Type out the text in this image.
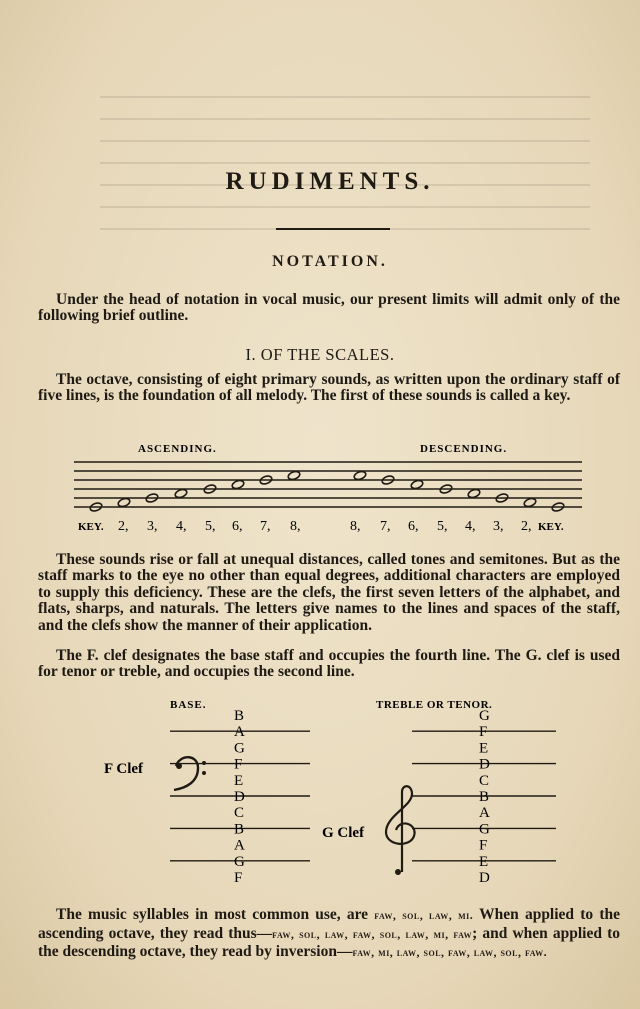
RUDIMENTS.
NOTATION.
Under the head of notation in vocal music, our present limits will admit only of the following brief outline.
I. OF THE SCALES.
The octave, consisting of eight primary sounds, as written upon the ordinary staff of five lines, is the foundation of all melody. The first of these sounds is called a key.
ASCENDING.	DESCENDING.
KEY.	KEY.
2, 3, 4, 5, 6, 7, 8,	8, 7, 6, 5, 4, 3, 2,
These sounds rise or fall at unequal distances, called tones and semitones. But as the staff marks to the eye no other than equal degrees, additional characters are employed to supply this deficiency. These are the clefs, the first seven letters of the alphabet, and flats, sharps, and naturals. The letters give names to the lines and spaces of the staff, and the clefs show the manner of their application.
The F. clef designates the base staff and occupies the fourth line. The G. clef is used for tenor or treble, and occupies the second line.
BASE.	TREBLE OR TENOR.
B
A
G
F
E
D
C
B
A
G
F
G
F
E
D
C
B
A
G
F
E
D
F Clef
G Clef
The music syllables in most common use, are faw, sol, law, mi. When applied to the ascending octave, they read thus—faw, sol, law, faw, sol, law, mi, faw; and when applied to the descending octave, they read by inversion—faw, mi, law, sol, faw, law, sol, faw.
